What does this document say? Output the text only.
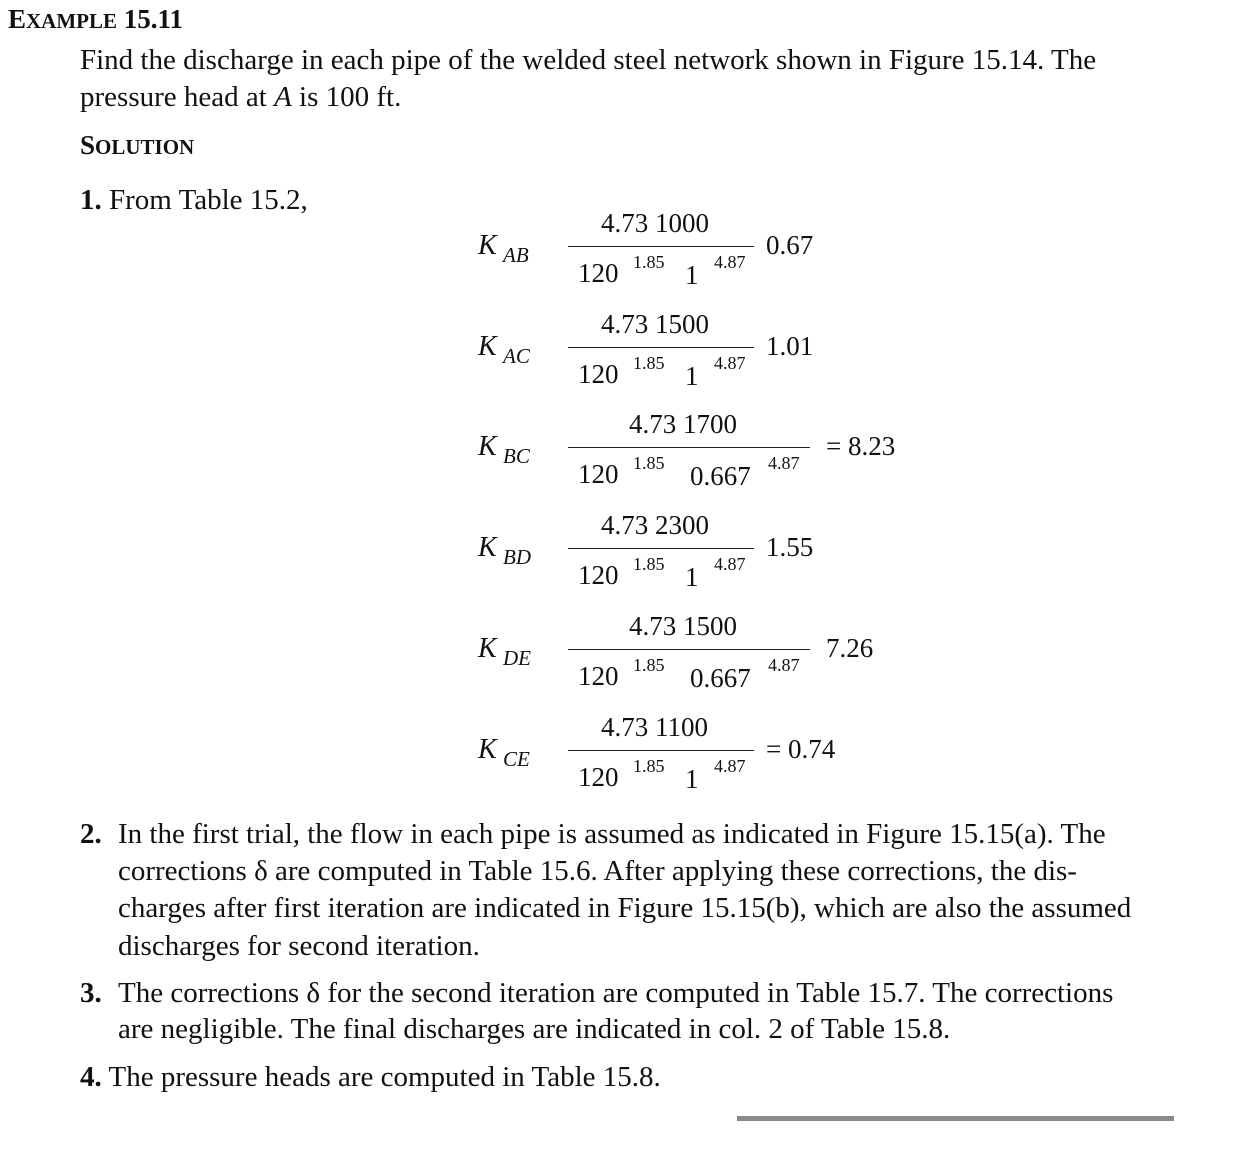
EXAMPLE 15.11
Find the discharge in each pipe of the welded steel network shown in Figure 15.14. The
pressure head at A is 100 ft.
SOLUTION
1. From Table 15.2,
K AB
4.73 1000
120 1.85 1 4.87
0.67
K AC
4.73 1500
120 1.85 1 4.87
1.01
K BC
4.73 1700
120 1.85 0.667 4.87
= 8.23
K BD
4.73 2300
120 1.85 1 4.87
1.55
K DE
4.73 1500
120 1.85 0.667 4.87
7.26
K CE
4.73 1100
120 1.85 1 4.87
= 0.74
2. In the first trial, the flow in each pipe is assumed as indicated in Figure 15.15(a). The
corrections δ are computed in Table 15.6. After applying these corrections, the dis-
charges after first iteration are indicated in Figure 15.15(b), which are also the assumed
discharges for second iteration.
3. The corrections δ for the second iteration are computed in Table 15.7. The corrections
are negligible. The final discharges are indicated in col. 2 of Table 15.8.
4. The pressure heads are computed in Table 15.8.
